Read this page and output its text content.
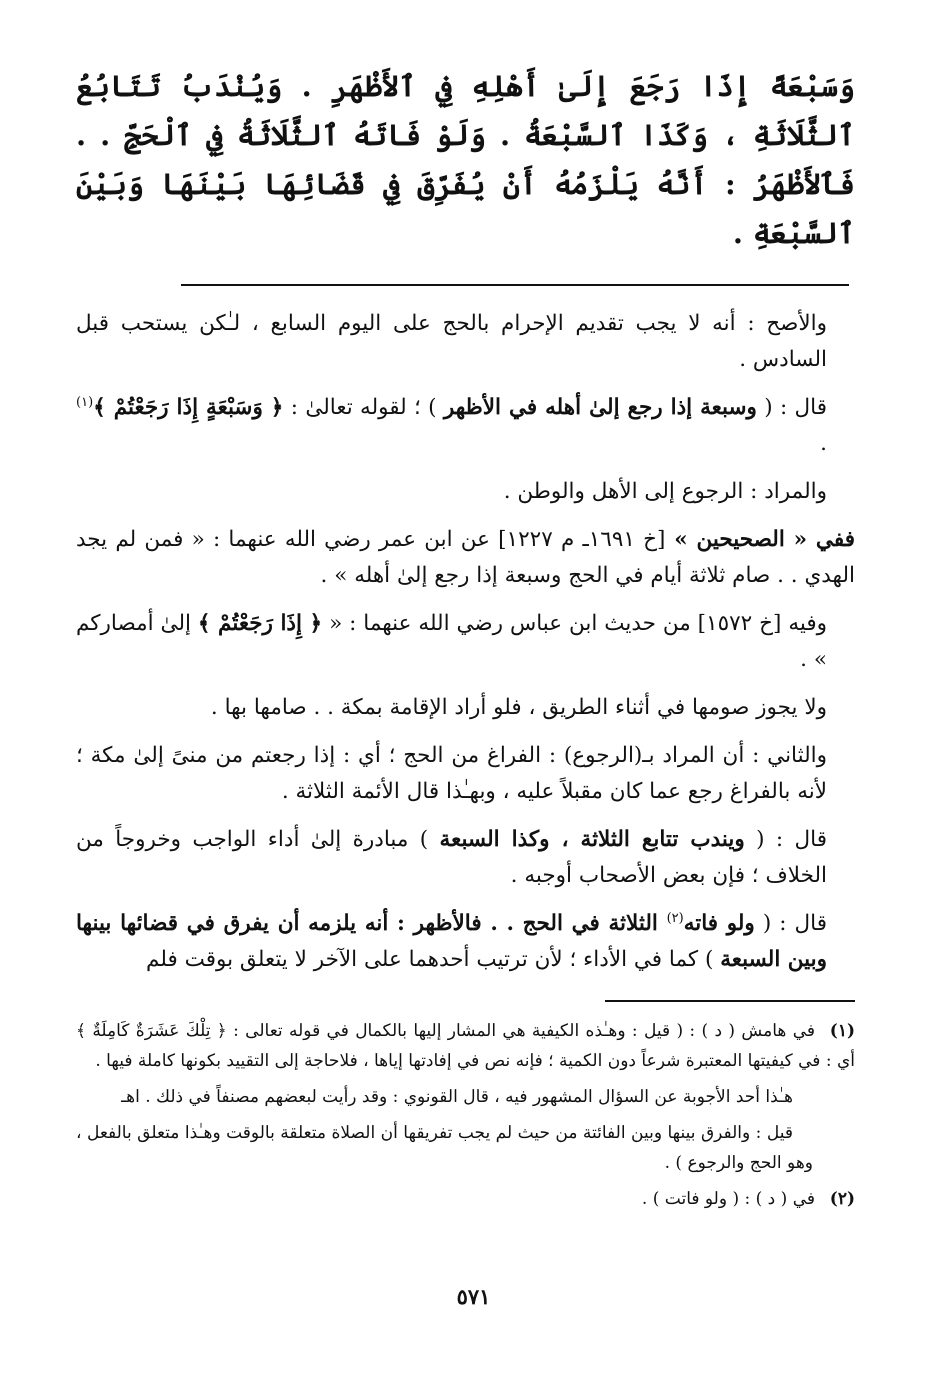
وَسَبْعَةً إِذَا رَجَعَ إِلَىٰ أَهْلِهِ فِي ٱلأَظْهَرِ . وَيُنْدَبُ تَتَابُعُ ٱلثَّلَاثَةِ ، وَكَذَا ٱلسَّبْعَةُ . وَلَوْ فَاتَهُ ٱلثَّلَاثَةُ فِي ٱلْحَجِّ . . فَٱلأَظْهَرُ : أَنَّهُ يَلْزَمُهُ أَنْ يُفَرِّقَ فِي قَضَائِهَا بَيْنَهَا وَبَيْنَ ٱلسَّبْعَةِ .

والأصح : أنه لا يجب تقديم الإحرام بالحج على اليوم السابع ، لـٰكن يستحب قبل السادس .

قال : ( وسبعة إذا رجع إلىٰ أهله في الأظهر ) ؛ لقوله تعالىٰ : ﴿ وَسَبْعَةٍ إِذَا رَجَعْتُمْ ﴾$^{(١)}$ .

والمراد : الرجوع إلى الأهل والوطن .

ففي « الصحيحين » [خ ١٦٩١ـ م ١٢٢٧] عن ابن عمر رضي الله عنهما : « فمن لم يجد الهدي . . صام ثلاثة أيام في الحج وسبعة إذا رجع إلىٰ أهله » .

وفيه [خ ١٥٧٢] من حديث ابن عباس رضي الله عنهما : « ﴿ إِذَا رَجَعْتُمْ ﴾ إلىٰ أمصاركم » .

ولا يجوز صومها في أثناء الطريق ، فلو أراد الإقامة بمكة . . صامها بها .

والثاني : أن المراد بـ(الرجوع) : الفراغ من الحج ؛ أي : إذا رجعتم من منىً إلىٰ مكة ؛ لأنه بالفراغ رجع عما كان مقبلاً عليه ، وبهـٰذا قال الأئمة الثلاثة .

قال : ( ويندب تتابع الثلاثة ، وكذا السبعة ) مبادرة إلىٰ أداء الواجب وخروجاً من الخلاف ؛ فإن بعض الأصحاب أوجبه .

قال : ( ولو فاته$^{(٢)}$ الثلاثة في الحج . . فالأظهر : أنه يلزمه أن يفرق في قضائها بينها وبين السبعة ) كما في الأداء ؛ لأن ترتيب أحدهما على الآخر لا يتعلق بوقت فلم

(١)في هامش ( د ) : ( قيل : وهـٰذه الكيفية هي المشار إليها بالكمال في قوله تعالى : ﴿ تِلْكَ عَشَرَةٌ كَامِلَةٌ ﴾ أي : في كيفيتها المعتبرة شرعاً دون الكمية ؛ فإنه نص في إفادتها إياها ، فلاحاجة إلى التقييد بكونها كاملة فيها .

هـٰذا أحد الأجوبة عن السؤال المشهور فيه ، قال القونوي : وقد رأيت لبعضهم مصنفاً في ذلك . اهـ

قيل : والفرق بينها وبين الفائتة من حيث لم يجب تفريقها أن الصلاة متعلقة بالوقت وهـٰذا متعلق بالفعل ، وهو الحج والرجوع ) .

(٢)في ( د ) : ( ولو فاتت ) .

٥٧١
